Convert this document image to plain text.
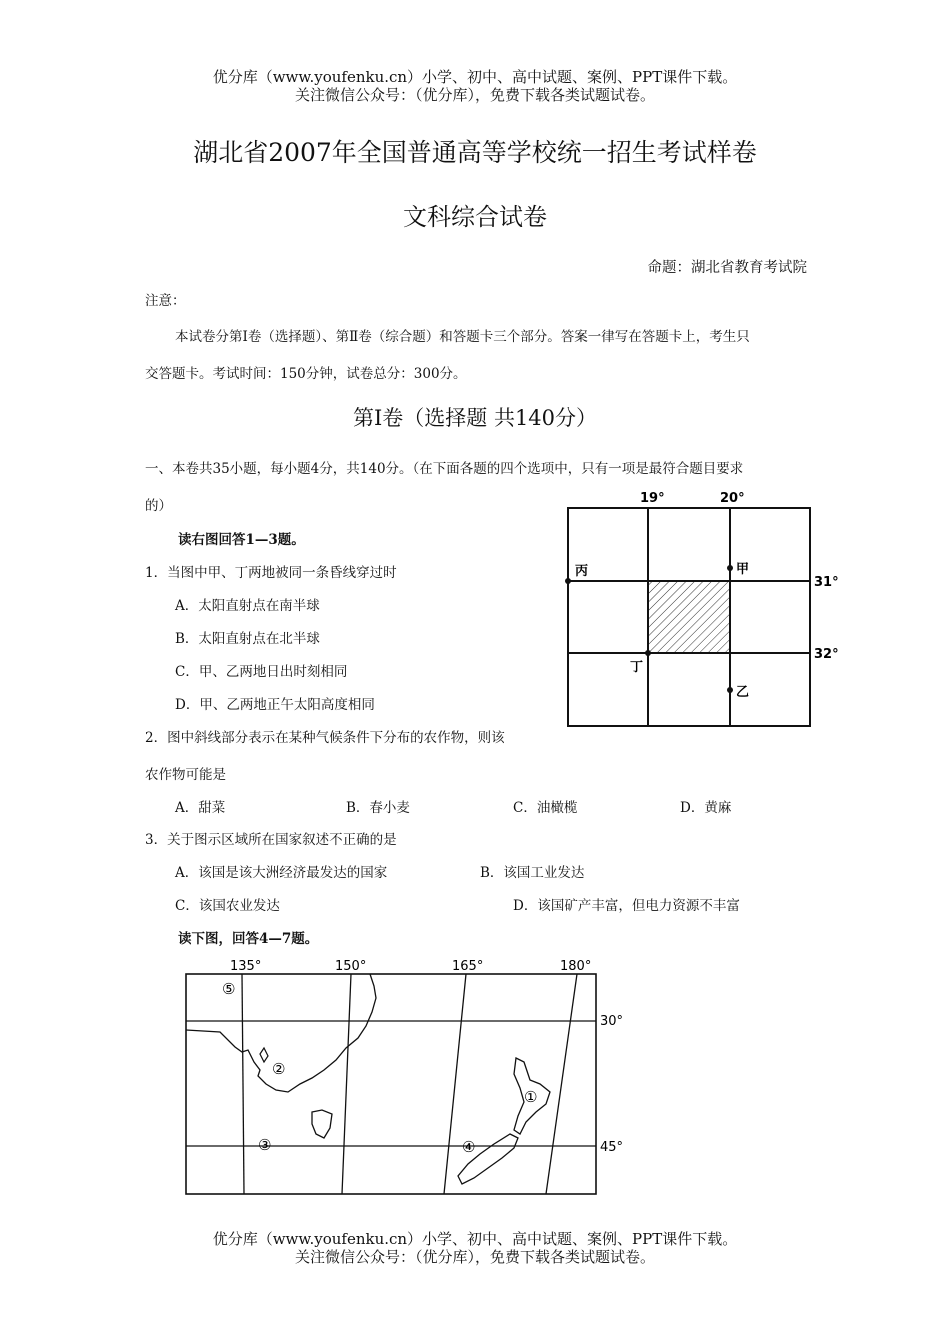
优分库（www.youfenku.cn）小学、初中、高中试题、案例、PPT课件下载。
关注微信公众号：（优分库），免费下载各类试题试卷。
湖北省2007年全国普通高等学校统一招生考试样卷
文科综合试卷
命题：湖北省教育考试院
注意：
本试卷分第Ⅰ卷（选择题）、第Ⅱ卷（综合题）和答题卡三个部分。答案一律写在答题卡上，考生只
交答题卡。考试时间：150分钟，试卷总分：300分。
第Ⅰ卷（选择题 共140分）
一、本卷共35小题，每小题4分，共140分。（在下面各题的四个选项中，只有一项是最符合题目要求
的）
读右图回答1—3题。
1．当图中甲、丁两地被同一条昏线穿过时
A．太阳直射点在南半球
B．太阳直射点在北半球
C．甲、乙两地日出时刻相同
D．甲、乙两地正午太阳高度相同
2．图中斜线部分表示在某种气候条件下分布的农作物，则该
农作物可能是
A．甜菜	B．春小麦	C．油橄榄	D．黄麻
3．关于图示区域所在国家叙述不正确的是
A．该国是该大洲经济最发达的国家	B．该国工业发达
C．该国农业发达	D．该国矿产丰富，但电力资源不丰富
读下图，回答4—7题。
19°	20°
31°
32°
丙	甲
丁
乙
135°	150°	165°	180°
30°
45°
①
②
③	④
⑤
优分库（www.youfenku.cn）小学、初中、高中试题、案例、PPT课件下载。
关注微信公众号：（优分库），免费下载各类试题试卷。
